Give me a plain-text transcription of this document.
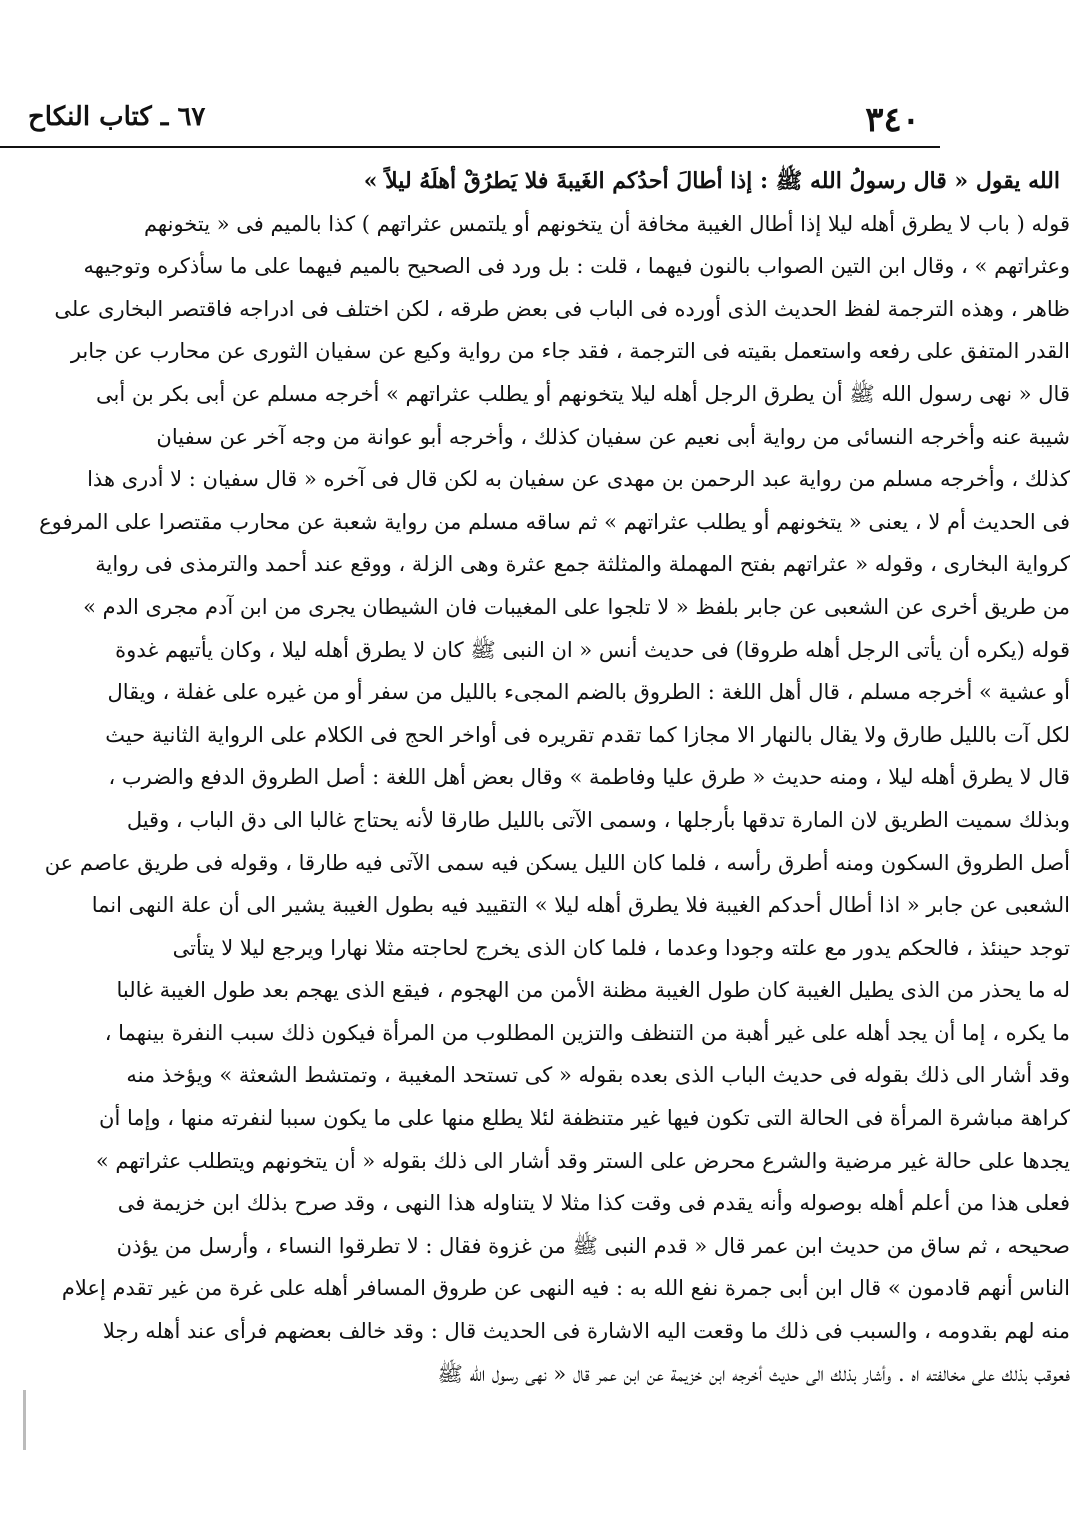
٣٤٠
٦٧ ـ كتاب النكاح
الله يقول « قال رسولُ الله ﷺ : إذا أطالَ أحدُكم الغَيبةَ فلا يَطرُقْ أهلَهُ ليلاً »
قوله ( باب لا يطرق أهله ليلا إذا أطال الغيبة مخافة أن يتخونهم أو يلتمس عثراتهم ) كذا بالميم فى « يتخونهم
وعثراتهم » ، وقال ابن التين الصواب بالنون فيهما ، قلت : بل ورد فى الصحيح بالميم فيهما على ما سأذكره وتوجيهه
ظاهر ، وهذه الترجمة لفظ الحديث الذى أورده فى الباب فى بعض طرقه ، لكن اختلف فى ادراجه فاقتصر البخارى على
القدر المتفق على رفعه واستعمل بقيته فى الترجمة ، فقد جاء من رواية وكيع عن سفيان الثورى عن محارب عن جابر
قال « نهى رسول الله ﷺ أن يطرق الرجل أهله ليلا يتخونهم أو يطلب عثراتهم » أخرجه مسلم عن أبى بكر بن أبى
شيبة عنه وأخرجه النسائى من رواية أبى نعيم عن سفيان كذلك ، وأخرجه أبو عوانة من وجه آخر عن سفيان
كذلك ، وأخرجه مسلم من رواية عبد الرحمن بن مهدى عن سفيان به لكن قال فى آخره « قال سفيان : لا أدرى هذا
فى الحديث أم لا ، يعنى « يتخونهم أو يطلب عثراتهم » ثم ساقه مسلم من رواية شعبة عن محارب مقتصرا على المرفوع
كرواية البخارى ، وقوله « عثراتهم بفتح المهملة والمثلثة جمع عثرة وهى الزلة ، ووقع عند أحمد والترمذى فى رواية
من طريق أخرى عن الشعبى عن جابر بلفظ « لا تلجوا على المغيبات فان الشيطان يجرى من ابن آدم مجرى الدم »
قوله (يكره أن يأتى الرجل أهله طروقا) فى حديث أنس « ان النبى ﷺ كان لا يطرق أهله ليلا ، وكان يأتيهم غدوة
أو عشية » أخرجه مسلم ، قال أهل اللغة : الطروق بالضم المجىء بالليل من سفر أو من غيره على غفلة ، ويقال
لكل آت بالليل طارق ولا يقال بالنهار الا مجازا كما تقدم تقريره فى أواخر الحج فى الكلام على الرواية الثانية حيث
قال لا يطرق أهله ليلا ، ومنه حديث « طرق عليا وفاطمة » وقال بعض أهل اللغة : أصل الطروق الدفع والضرب ،
وبذلك سميت الطريق لان المارة تدقها بأرجلها ، وسمى الآتى بالليل طارقا لأنه يحتاج غالبا الى دق الباب ، وقيل
أصل الطروق السكون ومنه أطرق رأسه ، فلما كان الليل يسكن فيه سمى الآتى فيه طارقا ، وقوله فى طريق عاصم عن
الشعبى عن جابر « اذا أطال أحدكم الغيبة فلا يطرق أهله ليلا » التقييد فيه بطول الغيبة يشير الى أن علة النهى انما
توجد حينئذ ، فالحكم يدور مع علته وجودا وعدما ، فلما كان الذى يخرج لحاجته مثلا نهارا ويرجع ليلا لا يتأتى
له ما يحذر من الذى يطيل الغيبة كان طول الغيبة مظنة الأمن من الهجوم ، فيقع الذى يهجم بعد طول الغيبة غالبا
ما يكره ، إما أن يجد أهله على غير أهبة من التنظف والتزين المطلوب من المرأة فيكون ذلك سبب النفرة بينهما ،
وقد أشار الى ذلك بقوله فى حديث الباب الذى بعده بقوله « كى تستحد المغيبة ، وتمتشط الشعثة » ويؤخذ منه
كراهة مباشرة المرأة فى الحالة التى تكون فيها غير متنظفة لئلا يطلع منها على ما يكون سببا لنفرته منها ، وإما أن
يجدها على حالة غير مرضية والشرع محرض على الستر وقد أشار الى ذلك بقوله « أن يتخونهم ويتطلب عثراتهم »
فعلى هذا من أعلم أهله بوصوله وأنه يقدم فى وقت كذا مثلا لا يتناوله هذا النهى ، وقد صرح بذلك ابن خزيمة فى
صحيحه ، ثم ساق من حديث ابن عمر قال « قدم النبى ﷺ من غزوة فقال : لا تطرقوا النساء ، وأرسل من يؤذن
الناس أنهم قادمون » قال ابن أبى جمرة نفع الله به : فيه النهى عن طروق المسافر أهله على غرة من غير تقدم إعلام
منه لهم بقدومه ، والسبب فى ذلك ما وقعت اليه الاشارة فى الحديث قال : وقد خالف بعضهم فرأى عند أهله رجلا
فعوقب بذلك على مخالفته اه . وأشار بذلك الى حديث أخرجه ابن خزيمة عن ابن عمر قال « نهى رسول الله ﷺ
